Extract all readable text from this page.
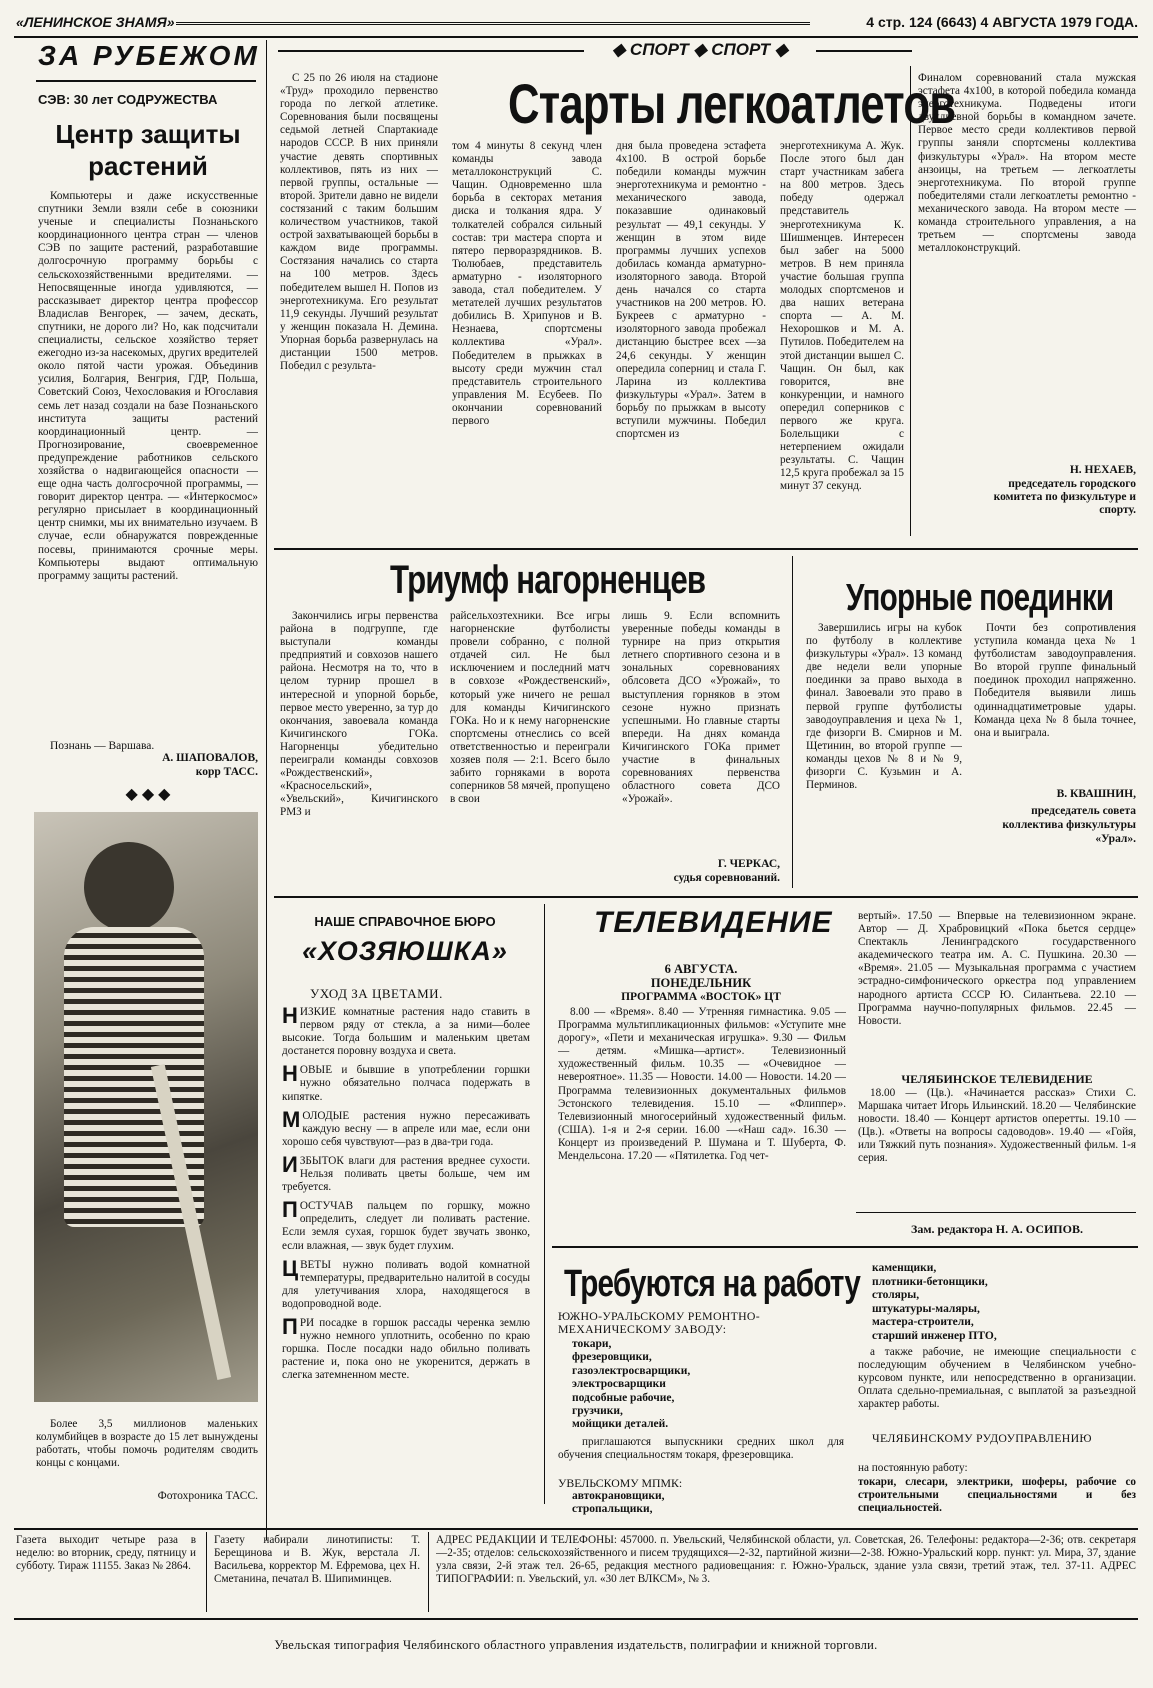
«ЛЕНИНСКОЕ ЗНАМЯ»	4 стр. 124 (6643) 4 АВГУСТА 1979 ГОДА.
ЗА РУБЕЖОМ
СЭВ: 30 лет СОДРУЖЕСТВА
Центр защиты растений
Компьютеры и даже искусственные спутники Земли взяли себе в союзники ученые и специалисты Познаньского координационного центра стран — членов СЭВ по защите растений, разработавшие долгосрочную программу борьбы с сельскохозяйственными вредителями. — Непосвященные иногда удивляются, — рассказывает директор центра профессор Владислав Венгорек, — зачем, дескать, спутники, не дорого ли? Но, как подсчитали специалисты, сельское хозяйство теряет ежегодно из-за насекомых, других вредителей около пятой части урожая. Объединив усилия, Болгария, Венгрия, ГДР, Польша, Советский Союз, Чехословакия и Югославия семь лет назад создали на базе Познаньского института защиты растений координационный центр. — Прогнозирование, своевременное предупреждение работников сельского хозяйства о надвигающейся опасности — еще одна часть долгосрочной программы, — говорит директор центра. — «Интеркосмос» регулярно присылает в координационный центр снимки, мы их внимательно изучаем. В случае, если обнаружатся поврежденные посевы, принимаются срочные меры. Компьютеры выдают оптимальную программу защиты растений.
Познань — Варшава.
А. ШАПОВАЛОВ,
корр ТАСС.
◆ ◆ ◆
Более 3,5 миллионов маленьких колумбийцев в возрасте до 15 лет вынуждены работать, чтобы помочь родителям сводить концы с концами.
Фотохроника ТАСС.
◆ СПОРТ ◆ СПОРТ ◆
Старты легкоатлетов
С 25 по 26 июля на стадионе «Труд» проходило первенство города по легкой атлетике. Соревнования были посвящены седьмой летней Спартакиаде народов СССР. В них приняли участие девять спортивных коллективов, пять из них — первой группы, остальные — второй. Зрители давно не видели состязаний с таким большим количеством участников, такой острой захватывающей борьбы в каждом виде программы. Состязания начались со старта на 100 метров. Здесь победителем вышел Н. Попов из энерготехникума. Его результат 11,9 секунды. Лучший результат у женщин показала Н. Демина. Упорная борьба развернулась на дистанции 1500 метров. Победил с результа-
том 4 минуты 8 секунд член команды завода металлоконструкций С. Чащин. Одновременно шла борьба в секторах метания диска и толкания ядра. У толкателей собрался сильный состав: три мастера спорта и пятеро перворазрядников. В. Тюлюбаев, представитель арматурно - изоляторного завода, стал победителем. У метателей лучших результатов добились В. Хрипунов и В. Незнаева, спортсмены коллектива «Урал». Победителем в прыжках в высоту среди мужчин стал представитель строительного управления М. Есубеев. По окончании соревнований первого
дня была проведена эстафета 4х100. В острой борьбе победили команды мужчин энерготехникума и ремонтно - механического завода, показавшие одинаковый результат — 49,1 секунды. У женщин в этом виде программы лучших успехов добилась команда арматурно-изоляторного завода. Второй день начался со старта участников на 200 метров. Ю. Букреев с арматурно - изоляторного завода пробежал дистанцию быстрее всех —за 24,6 секунды. У женщин опередила соперниц и стала Г. Ларина из коллектива физкультуры «Урал». Затем в борьбу по прыжкам в высоту вступили мужчины. Победил спортсмен из
энерготехникума А. Жук. После этого был дан старт участникам забега на 800 метров. Здесь победу одержал представитель энерготехникума К. Шишменцев. Интересен был забег на 5000 метров. В нем приняла участие большая группа молодых спортсменов и два наших ветерана спорта — А. М. Нехорошков и М. А. Путилов. Победителем на этой дистанции вышел С. Чащин. Он был, как говорится, вне конкуренции, и намного опередил соперников с первого же круга. Болельщики с нетерпением ожидали результаты. С. Чащин 12,5 круга пробежал за 15 минут 37 секунд.
Финалом соревнований стала мужская эстафета 4х100, в которой победила команда энерготехникума. Подведены итоги двухдневной борьбы в командном зачете. Первое место среди коллективов первой группы заняли спортсмены коллектива физкультуры «Урал». На втором месте анзоицы, на третьем — легкоатлеты энерготехникума. По второй группе победителями стали легкоатлеты ремонтно - механического завода. На втором месте —команда строительного управления, а на третьем — спортсмены завода металлоконструкций.
Н. НЕХАЕВ,
председатель городского комитета по физкультуре и спорту.
Триумф нагорненцев
Закончились игры первенства района в подгруппе, где выступали команды предприятий и совхозов нашего района. Несмотря на то, что в целом турнир прошел в интересной и упорной борьбе, первое место уверенно, за тур до окончания, завоевала команда Кичигинского ГОКа. Нагорненцы убедительно переиграли команды совхозов «Рождественский», «Красносельский», «Увельский», Кичигинского РМЗ и
райсельхозтехники. Все игры нагорненские футболисты провели собранно, с полной отдачей сил. Не был исключением и последний матч в совхозе «Рождественский», который уже ничего не решал для команды Кичигинского ГОКа. Но и к нему нагорненские спортсмены отнеслись со всей ответственностью и переиграли хозяев поля — 2:1. Всего было забито горняками в ворота соперников 58 мячей, пропущено в свои
лишь 9. Если вспомнить уверенные победы команды в турнире на приз открытия летнего спортивного сезона и в зональных соревнованиях облсовета ДСО «Урожай», то выступления горняков в этом сезоне нужно признать успешными. Но главные старты впереди. На днях команда Кичигинского ГОКа примет участие в финальных соревнованиях первенства областного совета ДСО «Урожай».
Г. ЧЕРКАС,
судья соревнований.
Упорные поединки
Завершились игры на кубок по футболу в коллективе физкультуры «Урал». 13 команд две недели вели упорные поединки за право выхода в финал. Завоевали это право в первой группе футболисты заводоуправления и цеха № 1, где физорги В. Смирнов и М. Щетинин, во второй группе — команды цехов № 8 и № 9, физорги С. Кузьмин и А. Перминов.
Почти без сопротивления уступила команда цеха № 1 футболистам заводоуправления. Во второй группе финальный поединок проходил напряженно. Победителя выявили лишь одиннадцатиметровые удары. Команда цеха № 8 была точнее, она и выиграла.
В. КВАШНИН,
председатель совета коллектива физкультуры «Урал».
НАШЕ СПРАВОЧНОЕ БЮРО
«ХОЗЯЮШКА»
УХОД ЗА ЦВЕТАМИ.
НИЗКИЕ комнатные растения надо ставить в первом ряду от стекла, а за ними—более высокие. Тогда большим и маленьким цветам достанется поровну воздуха и света.
НОВЫЕ и бывшие в употреблении горшки нужно обязательно полчаса подержать в кипятке.
МОЛОДЫЕ растения нужно пересаживать каждую весну — в апреле или мае, если они хорошо себя чувствуют—раз в два-три года.
ИЗБЫТОК влаги для растения вреднее сухости. Нельзя поливать цветы больше, чем им требуется.
ПОСТУЧАВ пальцем по горшку, можно определить, следует ли поливать растение. Если земля сухая, горшок будет звучать звонко, если влажная, — звук будет глухим.
ЦВЕТЫ нужно поливать водой комнатной температуры, предварительно налитой в сосуды для улетучивания хлора, находящегося в водопроводной воде.
ПРИ посадке в горшок рассады черенка землю нужно немного уплотнить, особенно по краю горшка. После посадки надо обильно поливать растение и, пока оно не укоренится, держать в слегка затемненном месте.
ТЕЛЕВИДЕНИЕ
6 АВГУСТА.
ПОНЕДЕЛЬНИК
ПРОГРАММА «ВОСТОК» ЦТ
8.00 — «Время». 8.40 — Утренняя гимнастика. 9.05 — Программа мультипликационных фильмов: «Уступите мне дорогу», «Пети и механическая игрушка». 9.30 — Фильм — детям. «Мишка—артист». Телевизионный художественный фильм. 10.35 — «Очевидное — невероятное». 11.35 — Новости. 14.00 — Новости. 14.20 — Программа телевизионных документальных фильмов Эстонского телевидения. 15.10 — «Флиппер». Телевизионный многосерийный художественный фильм. (США). 1-я и 2-я серии. 16.00 —«Наш сад». 16.30 — Концерт из произведений Р. Шумана и Т. Шуберта, Ф. Мендельсона. 17.20 — «Пятилетка. Год чет-
вертый». 17.50 — Впервые на телевизионном экране. Автор — Д. Храбровицкий «Пока бьется сердце» Спектакль Ленинградского государственного академического театра им. А. С. Пушкина. 20.30 — «Время». 21.05 — Музыкальная программа с участием эстрадно-симфонического оркестра под управлением народного артиста СССР Ю. Силантьева. 22.10 — Программа научно-популярных фильмов. 22.45 — Новости.
ЧЕЛЯБИНСКОЕ ТЕЛЕВИДЕНИЕ
18.00 — (Цв.). «Начинается рассказ» Стихи С. Маршака читает Игорь Ильинский. 18.20 — Челябинские новости. 18.40 — Концерт артистов оперетты. 19.10 — (Цв.). «Ответы на вопросы садоводов». 19.40 — «Гойя, или Тяжкий путь познания». Художественный фильм. 1-я серия.
Зам. редактора Н. А. ОСИПОВ.
Требуются на работу
ЮЖНО-УРАЛЬСКОМУ РЕМОНТНО-МЕХАНИЧЕСКОМУ ЗАВОДУ:
токари,
фрезеровщики,
газоэлектросварщики,
электросварщики
подсобные рабочие,
грузчики,
мойщики деталей.
приглашаются выпускники средних школ для обучения специальностям токаря, фрезеровщика.
УВЕЛЬСКОМУ МПМК:
автокрановщики,
стропальщики,
каменщики,
плотники-бетонщики,
столяры,
штукатуры-маляры,
мастера-строители,
старший инженер ПТО,
а также рабочие, не имеющие специальности с последующим обучением в Челябинском учебно-курсовом пункте, или непосредственно в организации. Оплата сдельно-премиальная, с выплатой за разъездной характер работы.
ЧЕЛЯБИНСКОМУ РУДОУПРАВЛЕНИЮ
на постоянную работу:
токари, слесари, электрики, шоферы, рабочие со строительными специальностями и без специальностей.
Газета выходит четыре раза в неделю: во вторник, среду, пятницу и субботу. Тираж 11155. Заказ № 2864.
Газету набирали линотиписты: Т. Берещинова и В. Жук, верстала Л. Васильева, корректор М. Ефремова, цех Н. Сметанина, печатал В. Шипиминцев.
АДРЕС РЕДАКЦИИ И ТЕЛЕФОНЫ: 457000. п. Увельский, Челябинской области, ул. Советская, 26. Телефоны: редактора—2-36; отв. секретаря—2-35; отделов: сельскохозяйственного и писем трудящихся—2-32, партийной жизни—2-38. Южно-Уральский корр. пункт: ул. Мира, 37, здание узла связи, 2-й этаж тел. 26-65, редакция местного радиовещания: г. Южно-Уральск, здание узла связи, третий этаж, тел. 37-11. АДРЕС ТИПОГРАФИИ: п. Увельский, ул. «30 лет ВЛКСМ», № 3.
Увельская типография Челябинского областного управления издательств, полиграфии и книжной торговли.
